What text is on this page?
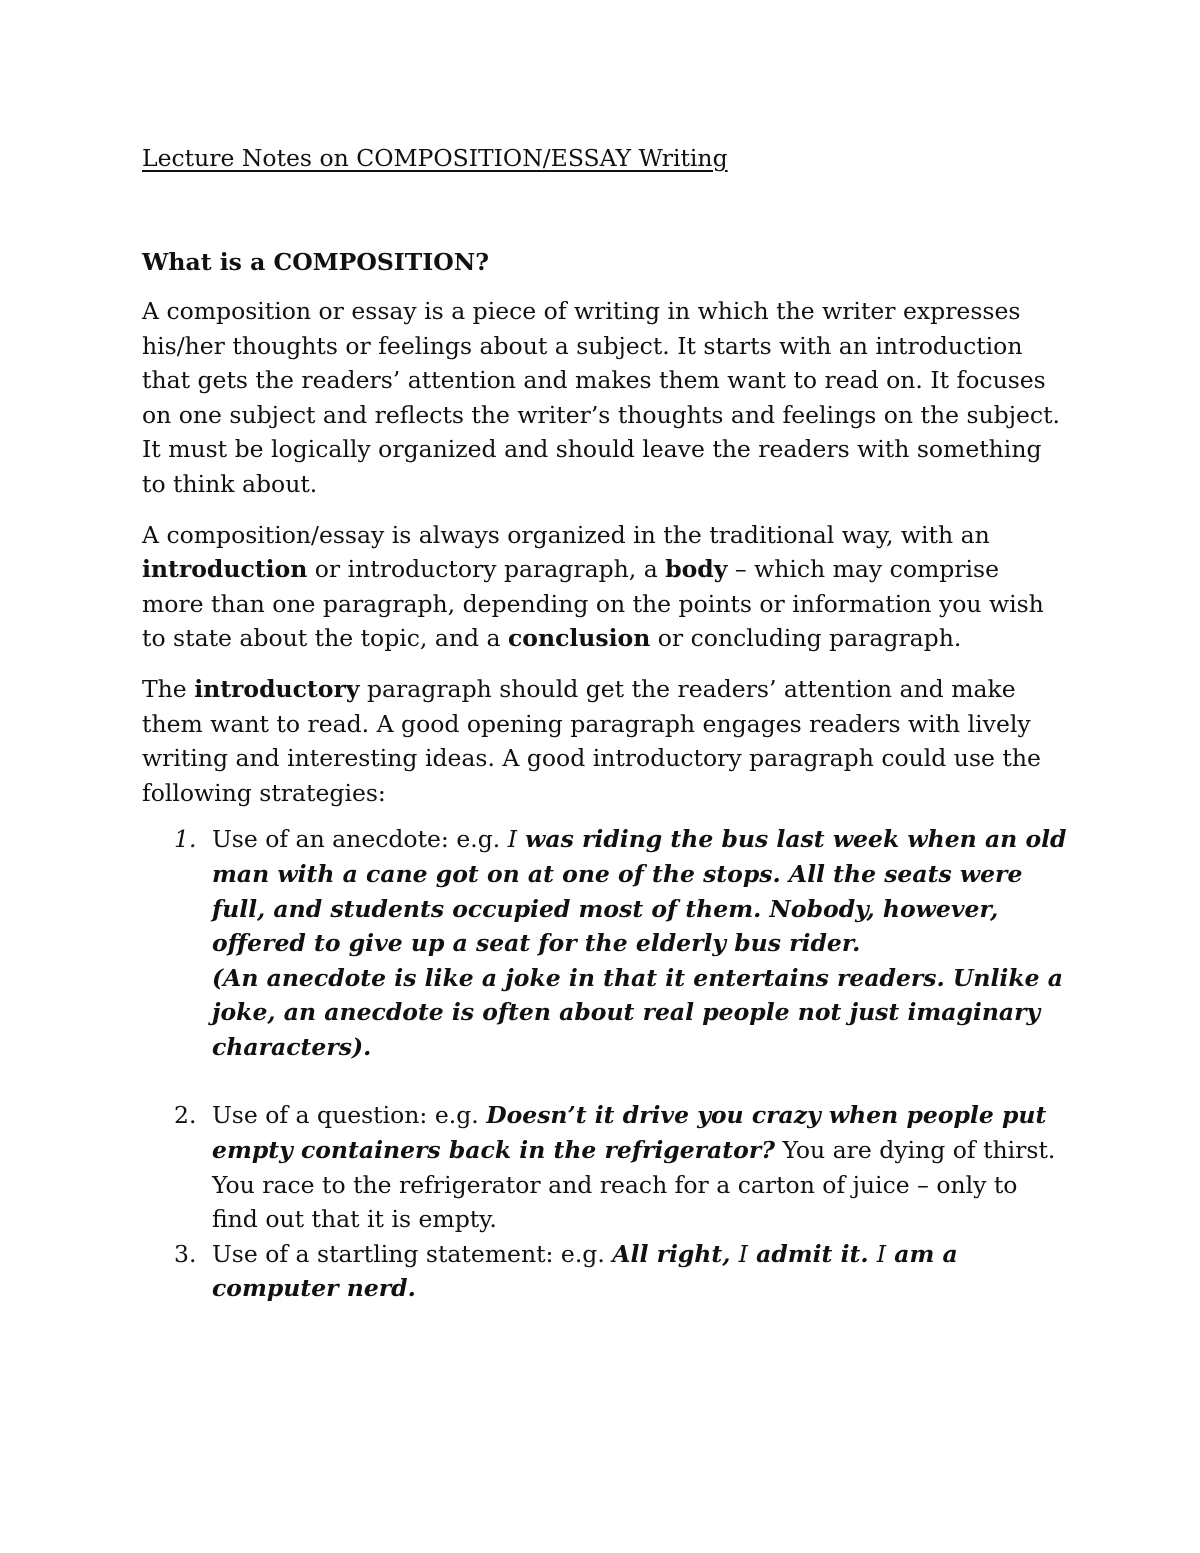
Lecture Notes on COMPOSITION/ESSAY Writing
What is a COMPOSITION?

A composition or essay is a piece of writing in which the writer expresses his/her thoughts or feelings about a subject. It starts with an introduction that gets the readers’ attention and makes them want to read on. It focuses on one subject and reflects the writer’s thoughts and feelings on the subject. It must be logically organized and should leave the readers with something to think about.

A composition/essay is always organized in the traditional way, with an introduction or introductory paragraph, a body – which may comprise more than one paragraph, depending on the points or information you wish to state about the topic, and a conclusion or concluding paragraph.

The introductory paragraph should get the readers’ attention and make them want to read. A good opening paragraph engages readers with lively writing and interesting ideas. A good introductory paragraph could use the following strategies:

1. Use of an anecdote: e.g. I was riding the bus last week when an old man with a cane got on at one of the stops. All the seats were full, and students occupied most of them. Nobody, however, offered to give up a seat for the elderly bus rider.
(An anecdote is like a joke in that it entertains readers. Unlike a joke, an anecdote is often about real people not just imaginary characters).
2. Use of a question: e.g. Doesn’t it drive you crazy when people put empty containers back in the refrigerator? You are dying of thirst. You race to the refrigerator and reach for a carton of juice – only to find out that it is empty.
3. Use of a startling statement: e.g. All right, I admit it. I am a computer nerd.
